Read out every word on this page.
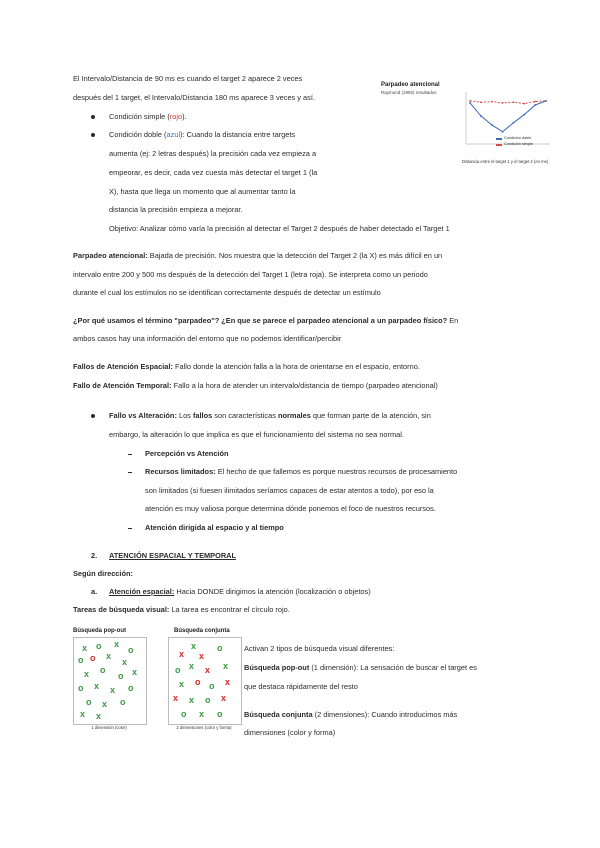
El Intervalo/Distancia de 90 ms es cuando el target 2 aparece 2 veces
después del 1 target, el Intervalo/Distancia 180 ms aparece 3 veces y así.
Condición simple (rojo).
Condición doble (azul): Cuando la distancia entre targets
aumenta (ej: 2 letras después) la precisión cada vez empieza a
empeorar, es decir, cada vez cuesta más detectar el target 1 (la
X), hasta que llega un momento que al aumentar tanto la
distancia la precisión empieza a mejorar.
Objetivo: Analizar cómo varía la precisión al detectar el Target 2 después de haber detectado el Target 1
Parpadeo atencional
Raymond (1992) resultados
Condición doble
Condición simple
Distancia entre el target 1 y el target 2 (en ms)
Parpadeo atencional: Bajada de precisión. Nos muestra que la detección del Target 2 (la X) es más difícil en un
intervalo entre 200 y 500 ms después de la detección del Target 1 (letra roja). Se interpreta como un periodo
durante el cual los estímulos no se identifican correctamente después de detectar un estímulo
¿Por qué usamos el término "parpadeo"? ¿En que se parece el parpadeo atencional a un parpadeo físico? En
ambos casos hay una información del entorno que no podemos identificar/percibir
Fallos de Atención Espacial: Fallo donde la atención falla a la hora de orientarse en el espacio, entorno.
Fallo de Atención Temporal: Fallo a la hora de atender un intervalo/distancia de tiempo (parpadeo atencional)
Fallo vs Alteración: Los fallos son características normales que forman parte de la atención, sin
embargo, la alteración lo que implica es que el funcionamiento del sistema no sea normal.
Percepción vs Atención
Recursos limitados: El hecho de que fallemos es porque nuestros recursos de procesamiento
son limitados (si fuesen ilimitados seríamos capaces de estar atentos a todo), por eso la
atención es muy valiosa porque determina dónde ponemos el foco de nuestros recursos.
Atención dirigida al espacio y al tiempo
2. ATENCIÓN ESPACIAL Y TEMPORAL
Según dirección:
a. Atención espacial: Hacia DONDE dirigimos la atención (localización o objetos)
Tareas de búsqueda visual: La tarea es encontrar el círculo rojo.
Búsqueda pop-out
x o x
o
o o x
x
x o
o x
o x x o
o x o
x x
1 dimensión (color)
Búsqueda conjunta
x
x
x
o
o x x x
x o o x
x x o x
o x o
2 dimensiones (color y forma)
Activan 2 tipos de búsqueda visual diferentes:
Búsqueda pop-out (1 dimensión): La sensación de buscar el target es
que destaca rápidamente del resto
Búsqueda conjunta (2 dimensiones): Cuando introducimos más
dimensiones (color y forma)
